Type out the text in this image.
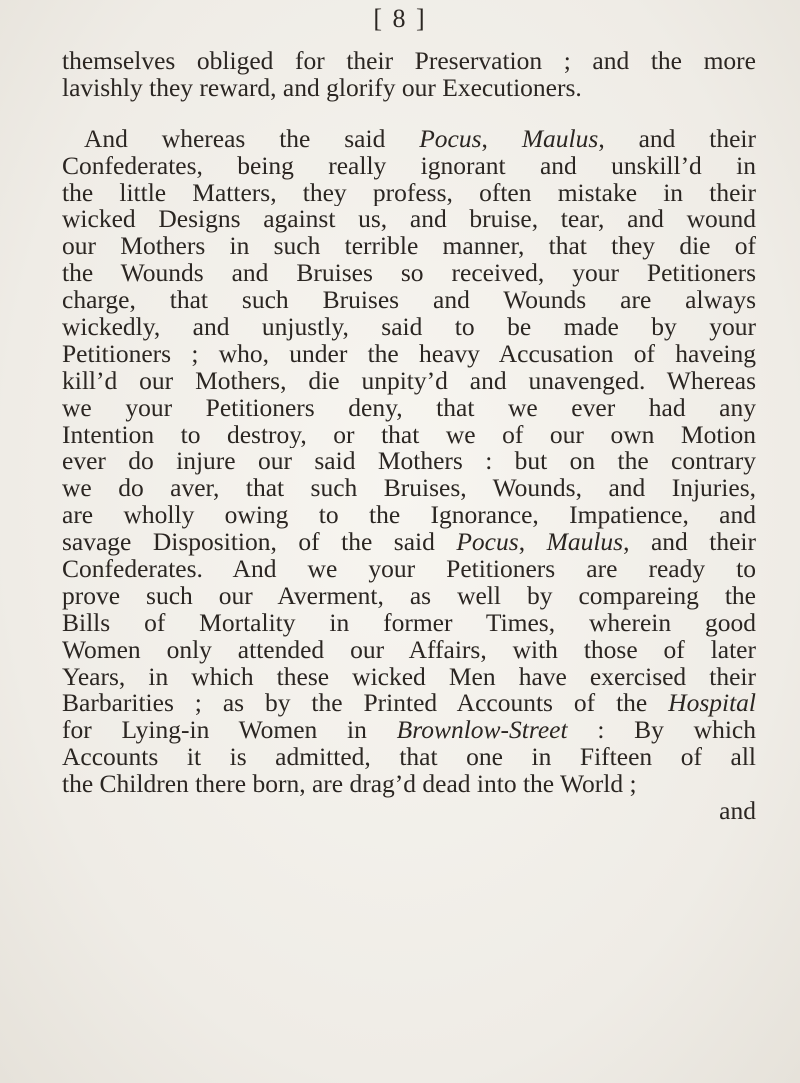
[ 8 ]
themselves obliged for their Preservation ; and the more
lavishly they reward, and glorify our Executioners.
And whereas the said Pocus, Maulus, and their
Confederates, being really ignorant and unskill’d in
the little Matters, they profess, often mistake in their
wicked Designs against us, and bruise, tear, and wound
our Mothers in such terrible manner, that they die of
the Wounds and Bruises so received, your Petitioners
charge, that such Bruises and Wounds are always
wickedly, and unjustly, said to be made by your
Petitioners ; who, under the heavy Accusation of haveing
kill’d our Mothers, die unpity’d and unavenged. Whereas
we your Petitioners deny, that we ever had any
Intention to destroy, or that we of our own Motion
ever do injure our said Mothers : but on the contrary
we do aver, that such Bruises, Wounds, and Injuries,
are wholly owing to the Ignorance, Impatience, and
savage Disposition, of the said Pocus, Maulus, and their
Confederates. And we your Petitioners are ready to
prove such our Averment, as well by compareing the
Bills of Mortality in former Times, wherein good
Women only attended our Affairs, with those of later
Years, in which these wicked Men have exercised their
Barbarities ; as by the Printed Accounts of the Hospital
for Lying-in Women in Brownlow-Street : By which
Accounts it is admitted, that one in Fifteen of all
the Children there born, are drag’d dead into the World ;
and
